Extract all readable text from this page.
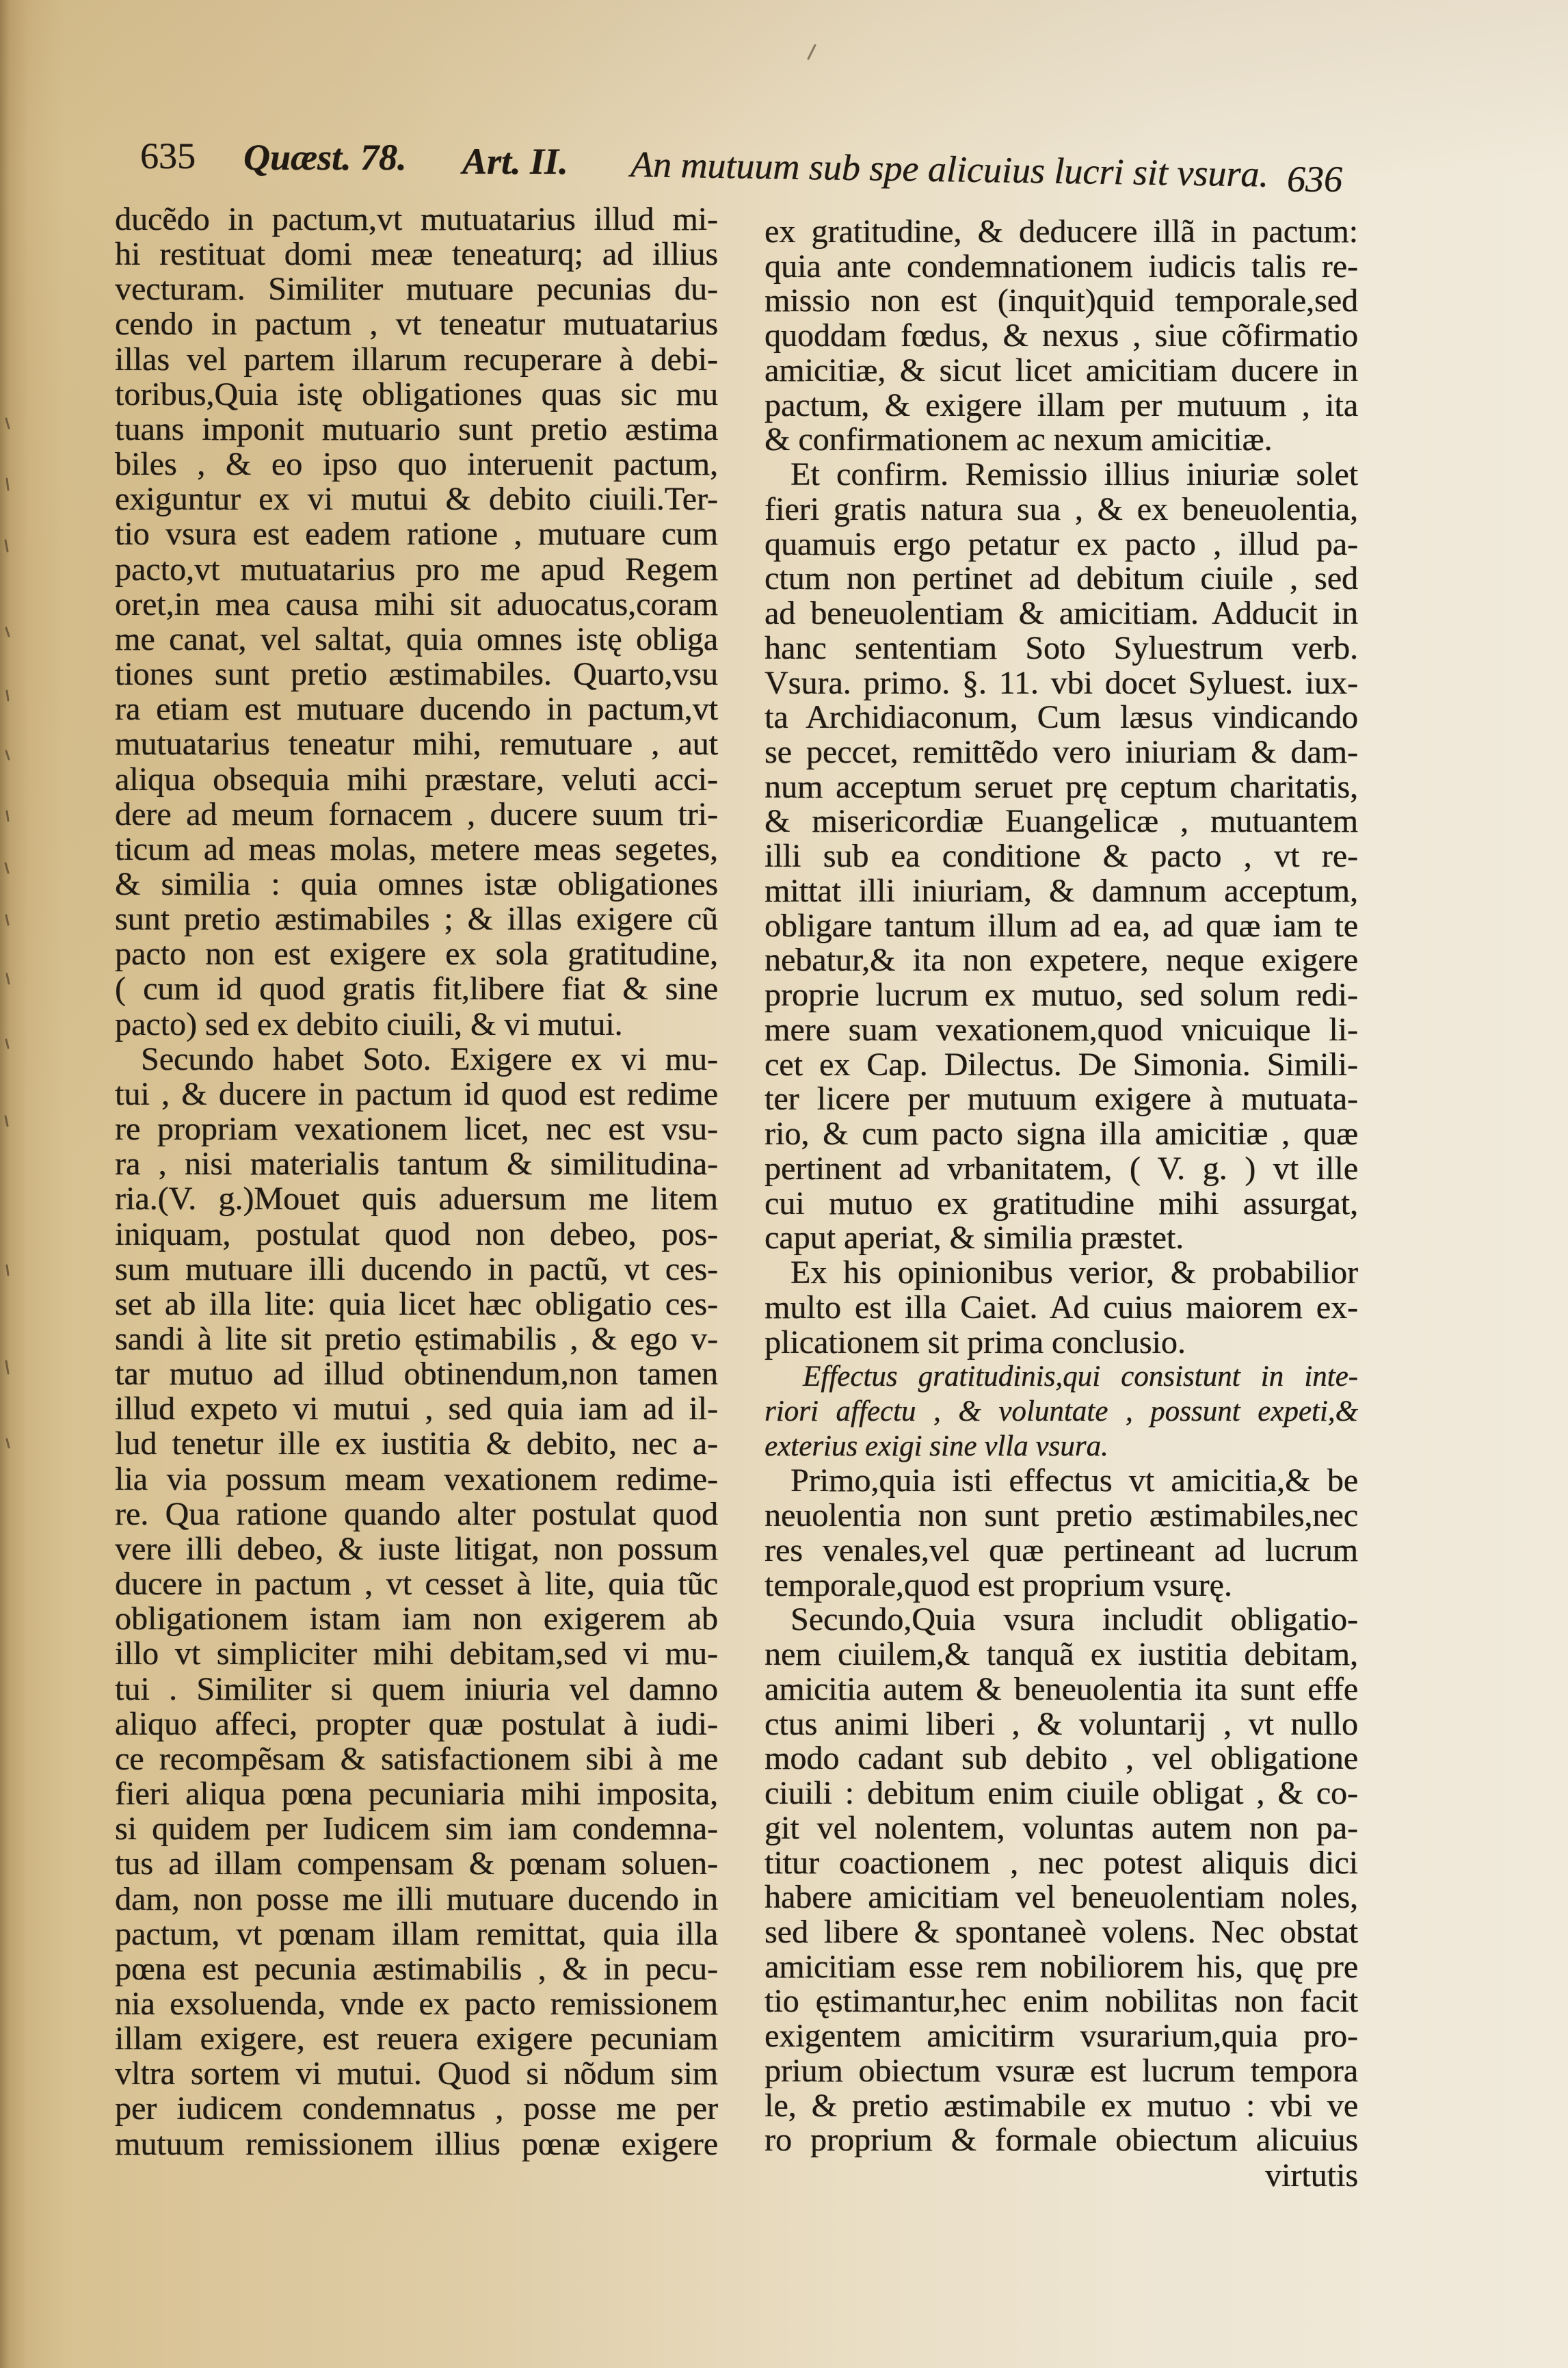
635 Quæst. 78. Art. II. An mutuum sub spe alicuius lucri sit vsura. 636
ducẽdo in pactum,vt mutuatarius illud mi-
hi restituat domi meæ teneaturq; ad illius
vecturam. Similiter mutuare pecunias du-
cendo in pactum , vt teneatur mutuatarius
illas vel partem illarum recuperare à debi-
toribus,Quia istę obligationes quas sic mu
tuans imponit mutuario sunt pretio æstima
biles , & eo ipso quo interuenit pactum,
exiguntur ex vi mutui & debito ciuili.Ter-
tio vsura est eadem ratione , mutuare cum
pacto,vt mutuatarius pro me apud Regem
oret,in mea causa mihi sit aduocatus,coram
me canat, vel saltat, quia omnes istę obliga
tiones sunt pretio æstimabiles. Quarto,vsu
ra etiam est mutuare ducendo in pactum,vt
mutuatarius teneatur mihi, remutuare , aut
aliqua obsequia mihi præstare, veluti acci-
dere ad meum fornacem , ducere suum tri-
ticum ad meas molas, metere meas segetes,
& similia : quia omnes istæ obligationes
sunt pretio æstimabiles ; & illas exigere cũ
pacto non est exigere ex sola gratitudine,
( cum id quod gratis fit,libere fiat & sine
pacto) sed ex debito ciuili, & vi mutui.
Secundo habet Soto. Exigere ex vi mu-
tui , & ducere in pactum id quod est redime
re propriam vexationem licet, nec est vsu-
ra , nisi materialis tantum & similitudina-
ria.(V. g.)Mouet quis aduersum me litem
iniquam, postulat quod non debeo, pos-
sum mutuare illi ducendo in pactũ, vt ces-
set ab illa lite: quia licet hæc obligatio ces-
sandi à lite sit pretio ęstimabilis , & ego v-
tar mutuo ad illud obtinendum,non tamen
illud expeto vi mutui , sed quia iam ad il-
lud tenetur ille ex iustitia & debito, nec a-
lia via possum meam vexationem redime-
re. Qua ratione quando alter postulat quod
vere illi debeo, & iuste litigat, non possum
ducere in pactum , vt cesset à lite, quia tũc
obligationem istam iam non exigerem ab
illo vt simpliciter mihi debitam,sed vi mu-
tui . Similiter si quem iniuria vel damno
aliquo affeci, propter quæ postulat à iudi-
ce recompẽsam & satisfactionem sibi à me
fieri aliqua pœna pecuniaria mihi imposita,
si quidem per Iudicem sim iam condemna-
tus ad illam compensam & pœnam soluen-
dam, non posse me illi mutuare ducendo in
pactum, vt pœnam illam remittat, quia illa
pœna est pecunia æstimabilis , & in pecu-
nia exsoluenda, vnde ex pacto remissionem
illam exigere, est reuera exigere pecuniam
vltra sortem vi mutui. Quod si nõdum sim
per iudicem condemnatus , posse me per
mutuum remissionem illius pœnæ exigere
ex gratitudine, & deducere illã in pactum:
quia ante condemnationem iudicis talis re-
missio non est (inquit)quid temporale,sed
quoddam fœdus, & nexus , siue cõfirmatio
amicitiæ, & sicut licet amicitiam ducere in
pactum, & exigere illam per mutuum , ita
& confirmationem ac nexum amicitiæ.
Et confirm. Remissio illius iniuriæ solet
fieri gratis natura sua , & ex beneuolentia,
quamuis ergo petatur ex pacto , illud pa-
ctum non pertinet ad debitum ciuile , sed
ad beneuolentiam & amicitiam. Adducit in
hanc sententiam Soto Syluestrum verb.
Vsura. primo. §. 11. vbi docet Syluest. iux-
ta Archidiaconum, Cum læsus vindicando
se peccet, remittẽdo vero iniuriam & dam-
num acceptum seruet prę ceptum charitatis,
& misericordiæ Euangelicæ , mutuantem
illi sub ea conditione & pacto , vt re-
mittat illi iniuriam, & damnum acceptum,
obligare tantum illum ad ea, ad quæ iam te
nebatur,& ita non expetere, neque exigere
proprie lucrum ex mutuo, sed solum redi-
mere suam vexationem,quod vnicuique li-
cet ex Cap. Dilectus. De Simonia. Simili-
ter licere per mutuum exigere à mutuata-
rio, & cum pacto signa illa amicitiæ , quæ
pertinent ad vrbanitatem, ( V. g. ) vt ille
cui mutuo ex gratitudine mihi assurgat,
caput aperiat, & similia præstet.
Ex his opinionibus verior, & probabilior
multo est illa Caiet. Ad cuius maiorem ex-
plicationem sit prima conclusio.
Effectus gratitudinis,qui consistunt in inte-
riori affectu , & voluntate , possunt expeti,&
exterius exigi sine vlla vsura.
Primo,quia isti effectus vt amicitia,& be
neuolentia non sunt pretio æstimabiles,nec
res venales,vel quæ pertineant ad lucrum
temporale,quod est proprium vsurę.
Secundo,Quia vsura includit obligatio-
nem ciuilem,& tanquã ex iustitia debitam,
amicitia autem & beneuolentia ita sunt effe
ctus animi liberi , & voluntarij , vt nullo
modo cadant sub debito , vel obligatione
ciuili : debitum enim ciuile obligat , & co-
git vel nolentem, voluntas autem non pa-
titur coactionem , nec potest aliquis dici
habere amicitiam vel beneuolentiam noles,
sed libere & spontaneè volens. Nec obstat
amicitiam esse rem nobiliorem his, quę pre
tio ęstimantur,hec enim nobilitas non facit
exigentem amicitirm vsurarium,quia pro-
prium obiectum vsuræ est lucrum tempora
le, & pretio æstimabile ex mutuo : vbi ve
ro proprium & formale obiectum alicuius
virtutis
